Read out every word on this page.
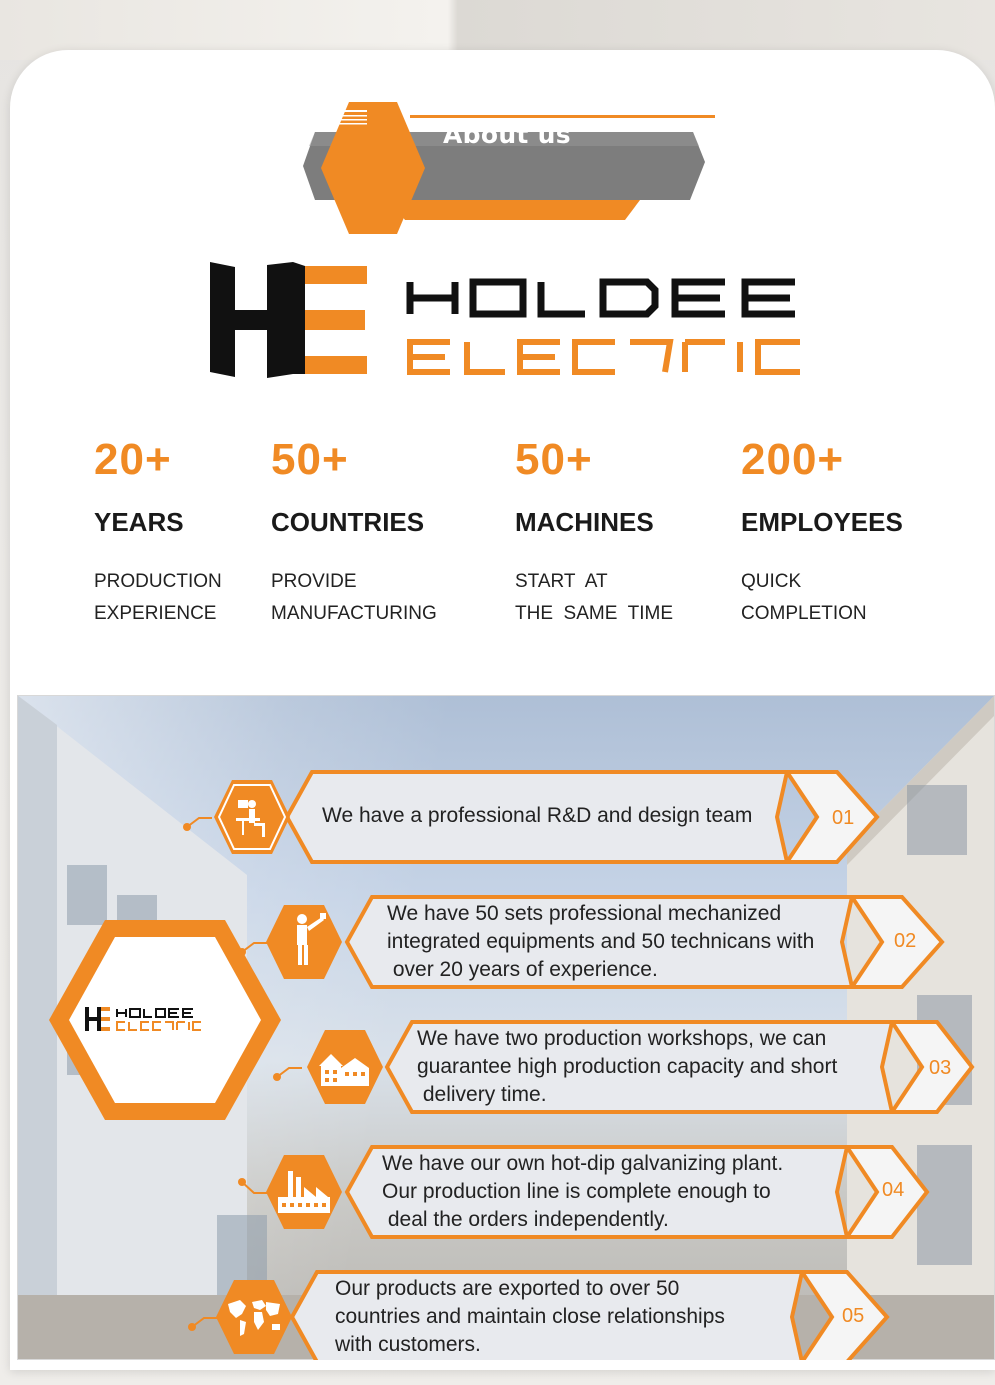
About us
20+
YEARS
PRODUCTION
EXPERIENCE
50+
COUNTRIES
PROVIDE
MANUFACTURING
50+
MACHINES
START  AT
THE  SAME  TIME
200+
EMPLOYEES
QUICK
COMPLETION
We have a professional R&D and design team	01
We have 50 sets professional mechanized
integrated equipments and 50 technicans with
over 20 years of experience.
02
We have two production workshops, we can
guarantee high production capacity and short
delivery time.
03
We have our own hot-dip galvanizing plant.
Our production line is complete enough to
deal the orders independently.
04
Our products are exported to over 50
countries and maintain close relationships
with customers.
05
